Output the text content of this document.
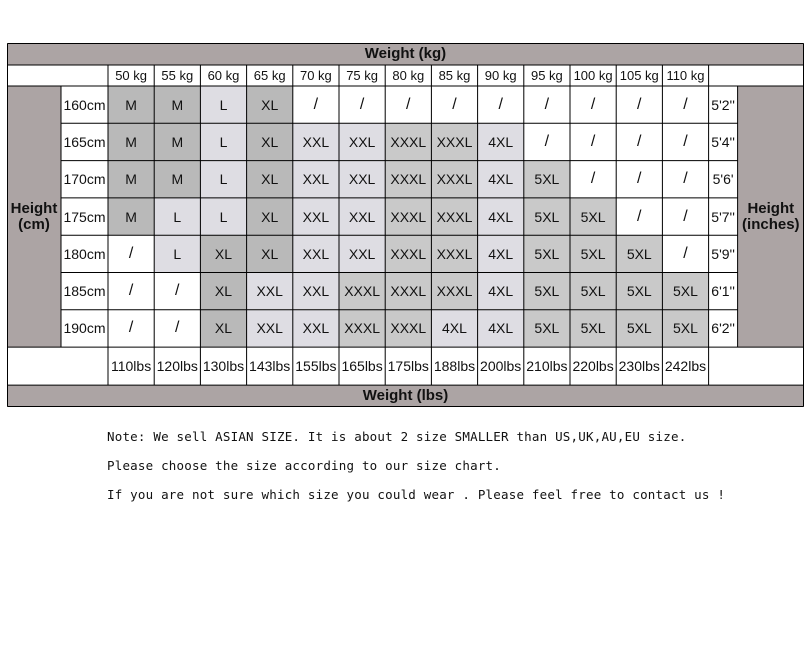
Weight (kg)
50 kg	55 kg	60 kg	65 kg	70 kg	75 kg	80 kg	85 kg	90 kg	95 kg 100 kg 105 kg 110 kg
Height
(cm)
Height
(inches)
160 cm	M	M	L	XL	/	/	/	/	/	/	/	/	/	5'2''
165 cm	M	M	L	XL	XXL	XXL	XXXL XXXL	4XL	/	/	/	/	5'4''
170 cm	M	M	L	XL	XXL	XXL	XXXL XXXL	4XL	5XL	/	/	/	5'6'
175 cm	M	L	L	XL	XXL	XXL	XXXL XXXL	4XL	5XL	5XL	/	/	5'7''
180 cm	/	L	XL	XL	XXL	XXL	XXXL XXXL	4XL	5XL	5XL	5XL	/	5'9''
185 cm	/	/	XL	XXL	XXL	XXXL XXXL XXXL	4XL	5XL	5XL	5XL	5XL 6'1''
190 cm	/	/	XL	XXL	XXL	XXXL XXXL	4XL	4XL	5XL	5XL	5XL	5XL 6'2''
110 lbs 120 lbs 130 lbs 143 lbs 155 lbs 165 lbs 175 lbs 188 lbs 200 lbs 210 lbs 220 lbs 230 lbs 242 lbs
Weight (lbs)
Note: We sell ASIAN SIZE. It is about 2 size SMALLER than US,UK,AU,EU size.
Please choose the size according to our size chart.
If you are not sure which size you could wear . Please feel free to contact us !
